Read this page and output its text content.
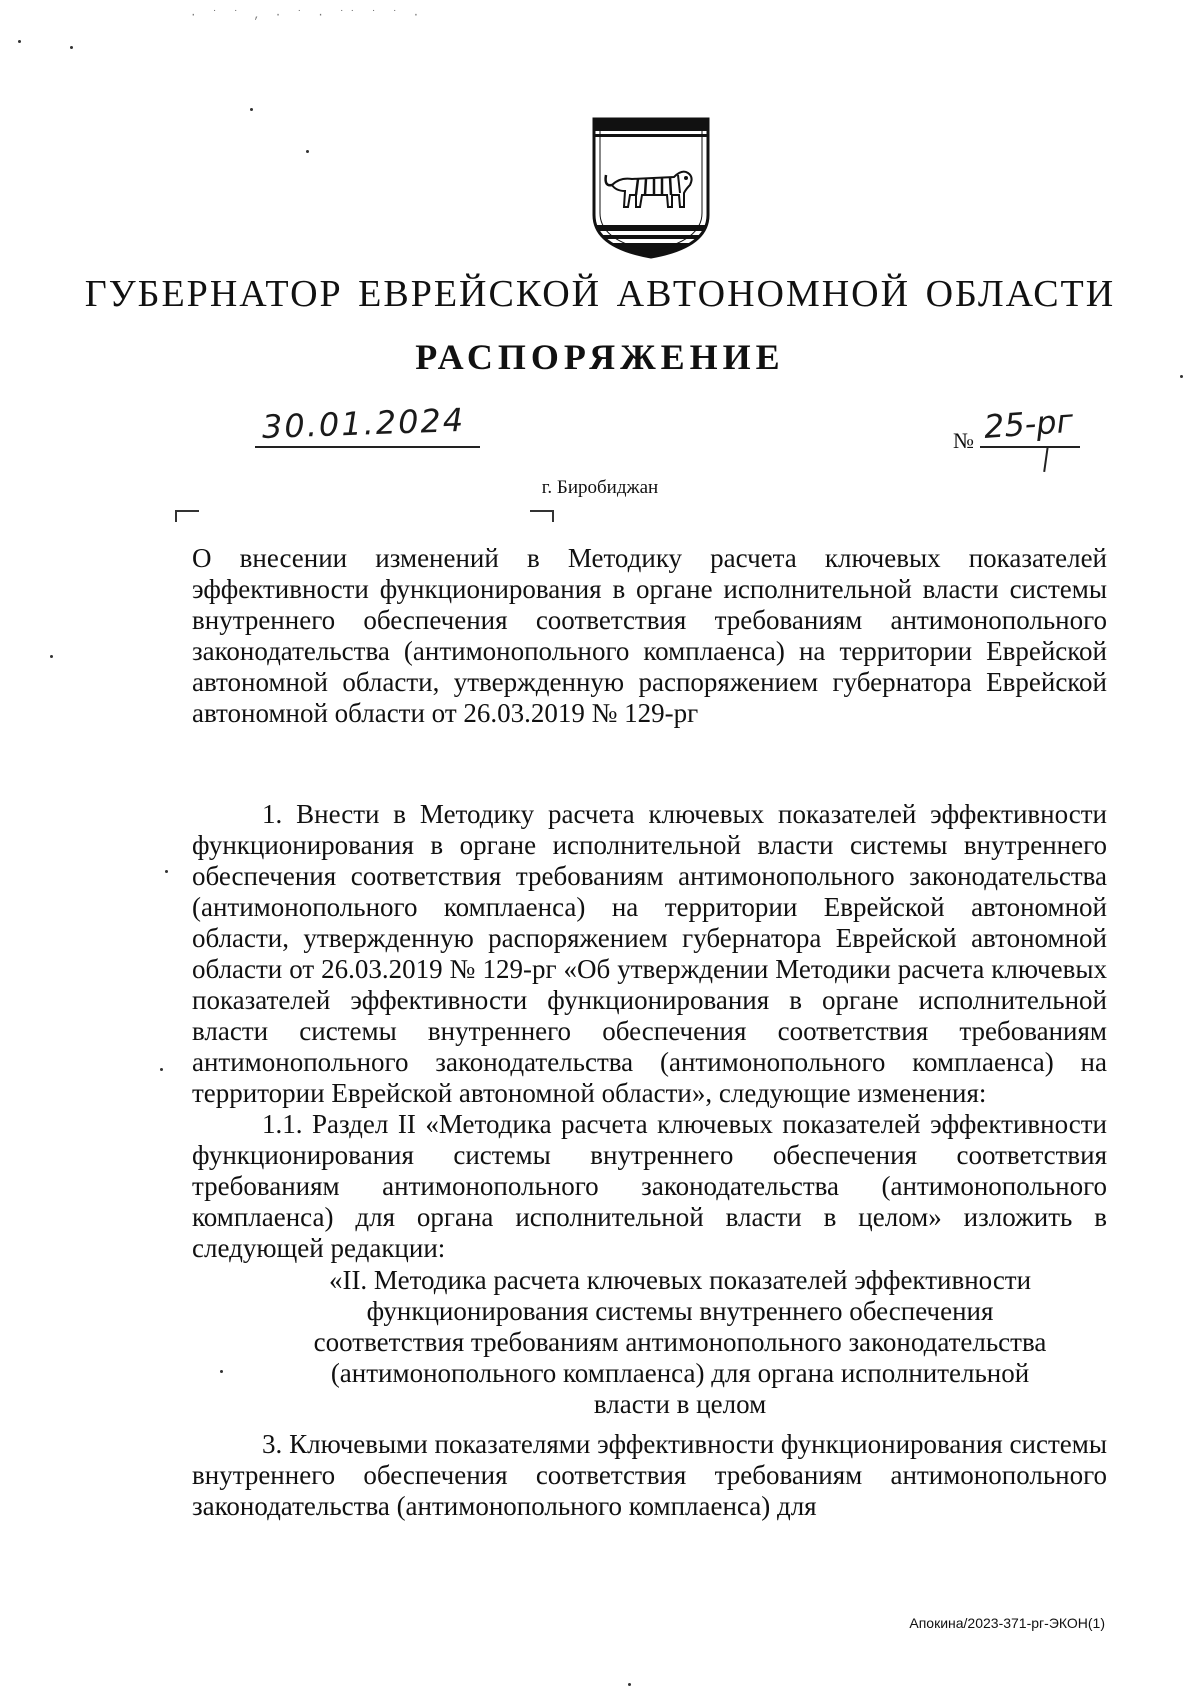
· ˙ ˙ , · ˙ · ˙˙ ˙ ˙ ·
ГУБЕРНАТОР ЕВРЕЙСКОЙ АВТОНОМНОЙ ОБЛАСТИ
РАСПОРЯЖЕНИЕ
30.01.2024	№ 25-рг
г. Биробиджан

О внесении изменений в Методику расчета ключевых показателей эффективности функционирования в органе исполнительной власти системы внутреннего обеспечения соответствия требованиям антимонопольного законодательства (антимонопольного комплаенса) на территории Еврейской автономной области, утвержденную распоряжением губернатора Еврейской автономной области от 26.03.2019 № 129-рг

1. Внести в Методику расчета ключевых показателей эффективности функционирования в органе исполнительной власти системы внутреннего обеспечения соответствия требованиям антимонопольного законодательства (антимонопольного комплаенса) на территории Еврейской автономной области, утвержденную распоряжением губернатора Еврейской автономной области от 26.03.2019 № 129-рг «Об утверждении Методики расчета ключевых показателей эффективности функционирования в органе исполнительной власти системы внутреннего обеспечения соответствия требованиям антимонопольного законодательства (антимонопольного комплаенса) на территории Еврейской автономной области», следующие изменения:

1.1. Раздел II «Методика расчета ключевых показателей эффективности функционирования системы внутреннего обеспечения соответствия требованиям антимонопольного законодательства (антимонопольного комплаенса) для органа исполнительной власти в целом» изложить в следующей редакции:

«II. Методика расчета ключевых показателей эффективности функционирования системы внутреннего обеспечения соответствия требованиям антимонопольного законодательства (антимонопольного комплаенса) для органа исполнительной власти в целом

3. Ключевыми показателями эффективности функционирования системы внутреннего обеспечения соответствия требованиям антимонопольного законодательства (антимонопольного комплаенса) для

Апокина/2023-371-рг-ЭКОН(1)
